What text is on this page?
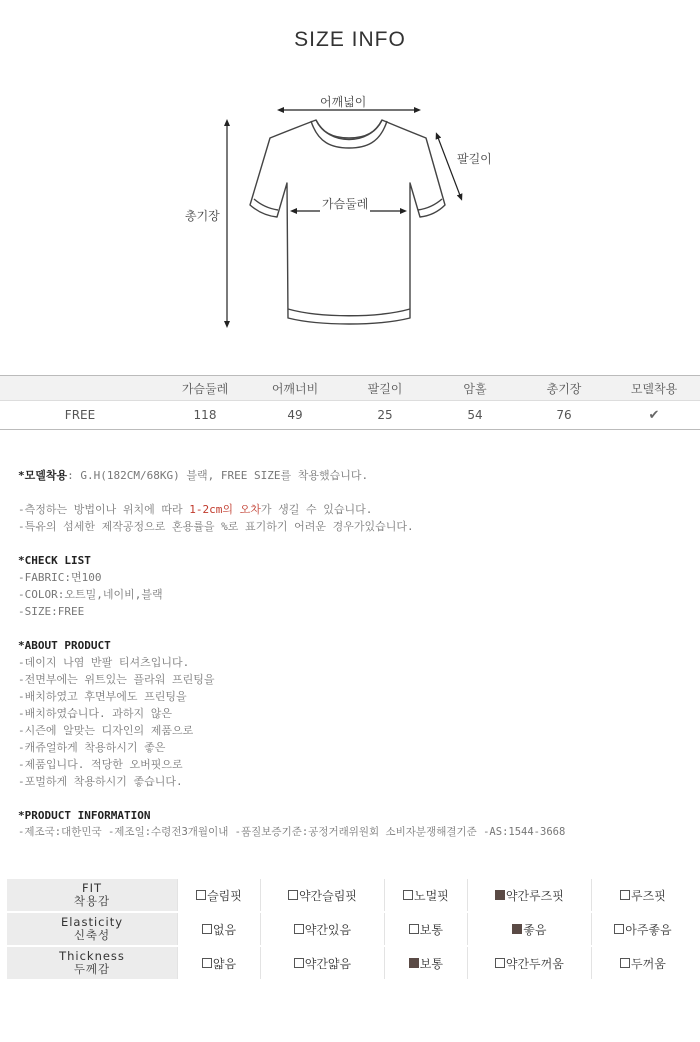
SIZE INFO
어깨넓이
팔길이
가슴둘레
총기장
	가슴둘레	어깨너비	팔길이	암홀	총기장	모델착용
FREE	118	49	25	54	76	✔
*모델착용: G.H(182CM/68KG) 블랙, FREE SIZE를 착용했습니다.
-측정하는 방법이나 위치에 따라 1-2cm의 오차가 생길 수 있습니다.
-특유의 섬세한 제작공정으로 혼용률을 %로 표기하기 어려운 경우가있습니다.
*CHECK LIST
-FABRIC:면100
-COLOR:오트밀,네이비,블랙
-SIZE:FREE
*ABOUT PRODUCT
-데이지 나염 반팔 티셔츠입니다.
-전면부에는 위트있는 플라워 프린팅을
-배치하였고 후면부에도 프린팅을
-배치하였습니다. 과하지 않은
-시즌에 알맞는 디자인의 제품으로
-캐쥬얼하게 착용하시기 좋은
-제품입니다. 적당한 오버핏으로
-포멀하게 착용하시기 좋습니다.
*PRODUCT INFORMATION
-제조국:대한민국 -제조일:수령전3개월이내 -품질보증기준:공정거래위원회 소비자분쟁해결기준 -AS:1544-3668
FIT
착용감	슬림핏	약간슬림핏	노멀핏	약간루즈핏	루즈핏

Elasticity
신축성	없음	약간있음	보통	좋음	아주좋음

Thickness
두께감	얇음	약간얇음	보통	약간두꺼움	두꺼움
